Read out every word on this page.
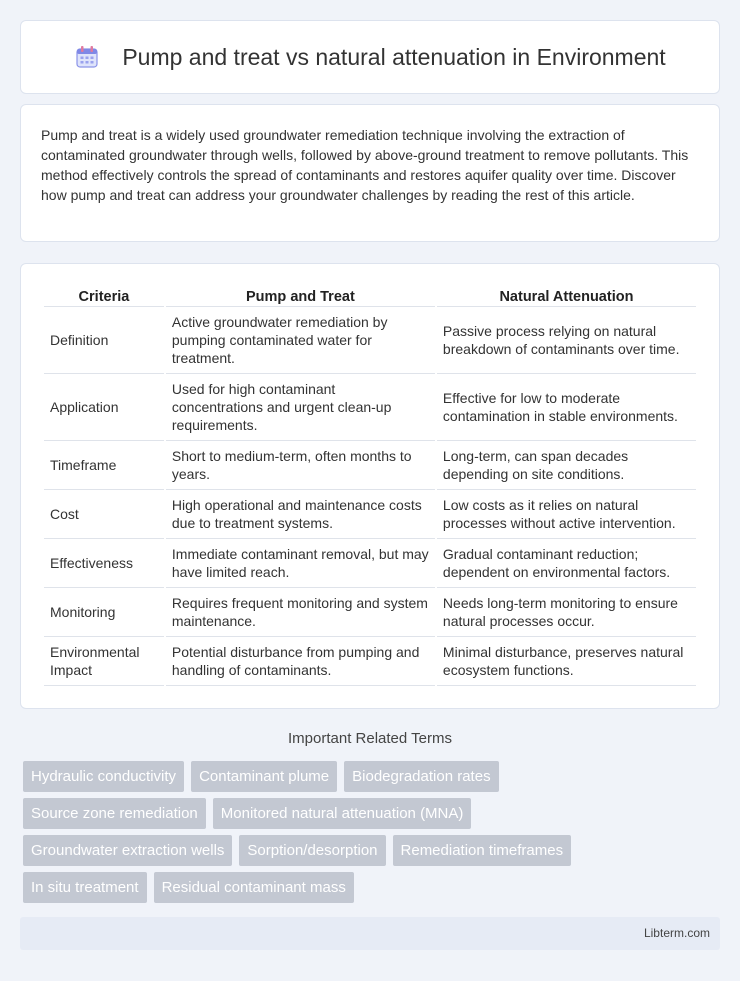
Pump and treat vs natural attenuation in Environment

Pump and treat is a widely used groundwater remediation technique involving the extraction of contaminated groundwater through wells, followed by above-ground treatment to remove pollutants. This method effectively controls the spread of contaminants and restores aquifer quality over time. Discover how pump and treat can address your groundwater challenges by reading the rest of this article.

Criteria	Pump and Treat	Natural Attenuation
Definition	Active groundwater remediation by pumping contaminated water for treatment.	Passive process relying on natural breakdown of contaminants over time.
Application	Used for high contaminant concentrations and urgent clean-up requirements.	Effective for low to moderate contamination in stable environments.
Timeframe	Short to medium-term, often months to years.	Long-term, can span decades depending on site conditions.
Cost	High operational and maintenance costs due to treatment systems.	Low costs as it relies on natural processes without active intervention.
Effectiveness	Immediate contaminant removal, but may have limited reach.	Gradual contaminant reduction; dependent on environmental factors.
Monitoring	Requires frequent monitoring and system maintenance.	Needs long-term monitoring to ensure natural processes occur.
Environmental Impact	Potential disturbance from pumping and handling of contaminants.	Minimal disturbance, preserves natural ecosystem functions.
Important Related Terms
Hydraulic conductivity	Contaminant plume	Biodegradation rates
Source zone remediation	Monitored natural attenuation (MNA)
Groundwater extraction wells	Sorption/desorption	Remediation timeframes
In situ treatment	Residual contaminant mass
Libterm.com
